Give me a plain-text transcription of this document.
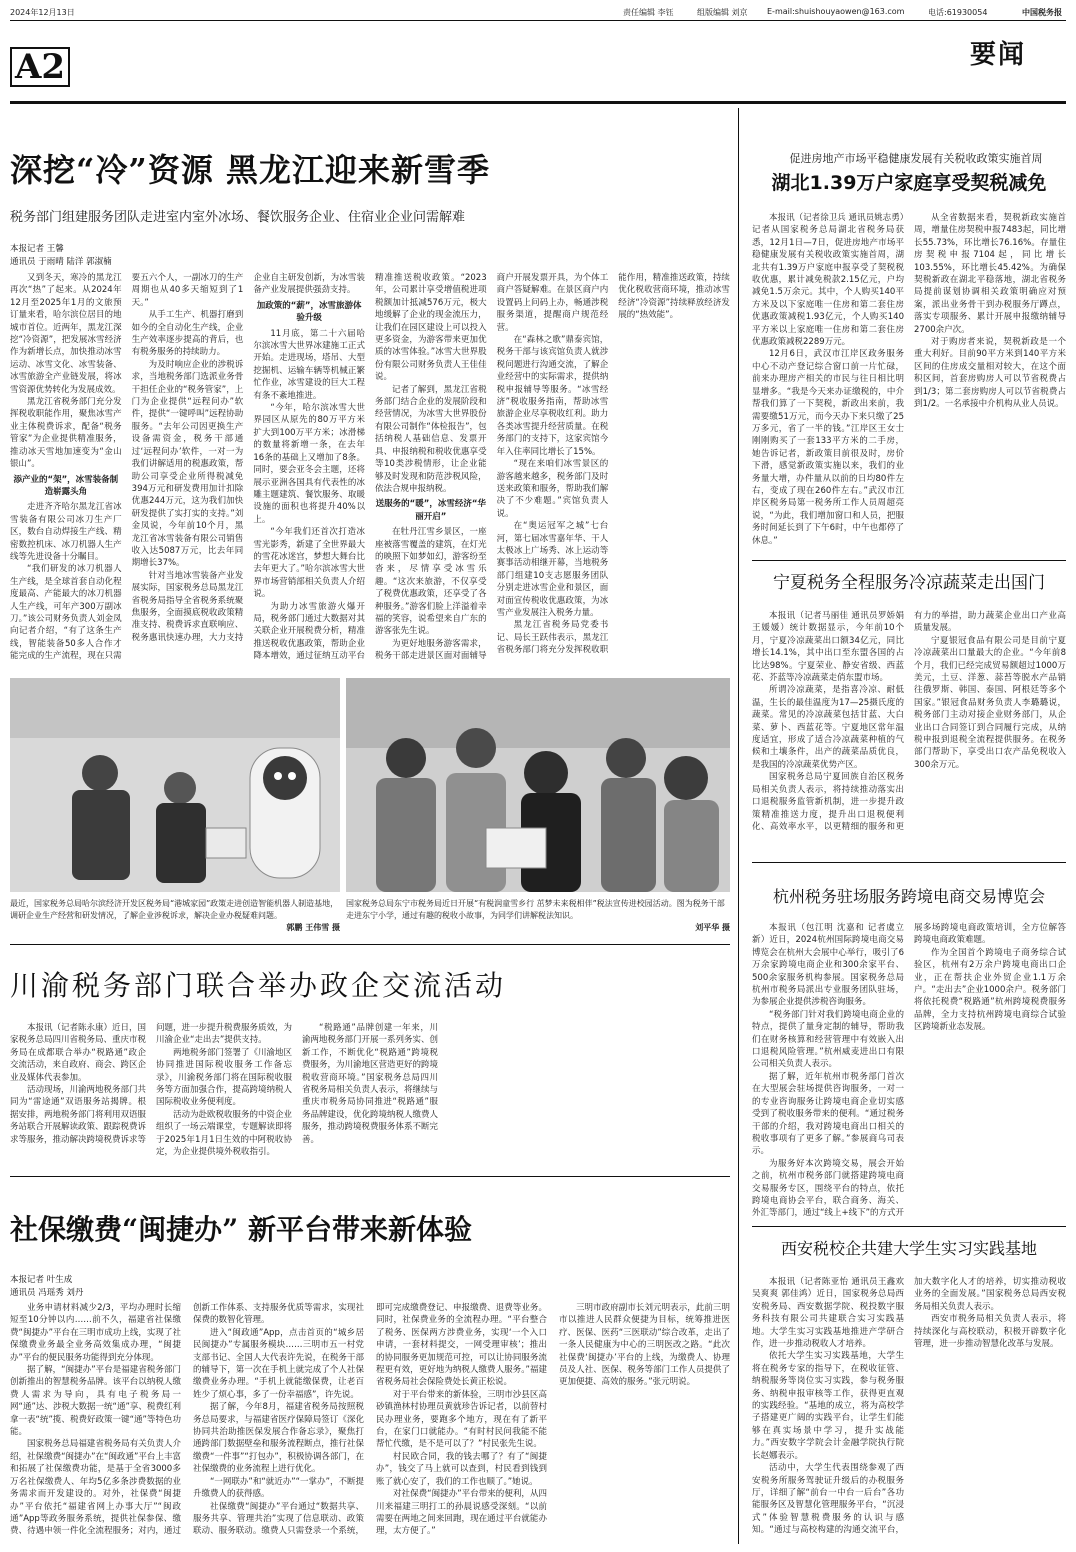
2024年12月13日	责任编辑 李钰	组版编辑 刘京 E-mail:shuishouyaowen@163.com	电话:61930054	中国税务报
A2	要闻
深挖“冷”资源 黑龙江迎来新雪季
税务部门组建服务团队走进室内室外冰场、餐饮服务企业、住宿业企业问需解难
本报记者 王馨
通讯员 于雨晴 陆洋 郭淑楠

又到冬天，寒冷的黑龙江再次“热”了起来。从2024年12月至2025年1月的文旅预订量来看，哈尔滨位居目的地城市首位。近两年，黑龙江深挖“冷资源”，把发展冰雪经济作为新增长点，加快推动冰雪运动、冰雪文化、冰雪装备、冰雪旅游全产业链发展，将冰雪资源优势转化为发展成效。

黑龙江省税务部门充分发挥税收职能作用，聚焦冰雪产业主体税费诉求，配备“税务管家”为企业提供精准服务，推动冰天雪地加速变为“金山银山”。

添产业的“架”，冰雪装备制造崭露头角

走进齐齐哈尔黑龙江省冰雪装备有限公司冰刀生产厂区，数台自动焊接生产线、精密数控机床、冰刀机器人生产线等先进设备十分瞩目。

“我们研发的冰刀机器人生产线，是全球首套自动化程度最高、产能最大的冰刀机器人生产线，可年产300万副冰刀。”该公司财务负责人刘金凤向记者介绍，“有了这条生产线，智能装备50多人合作才能完成的生产流程，现在只需要五六个人，一副冰刀的生产周期也从40多天缩短到了1天。”

从手工生产、机器打磨到如今的全自动化生产线，企业生产效率逐步提高的背后，也有税务服务的持续助力。

为及时响应企业的涉税诉求，当地税务部门选派业务骨干担任企业的“税务管家”，上门为企业提供“远程问办”软件，提供“一键呼叫”远程协助服务。“去年公司因更换生产设备需资金，税务干部通过‘远程问办’软件，一对一为我们讲解适用的税惠政策，帮助公司享受企业所得税减免394万元和研发费用加计扣除优惠244万元，这为我们加快研发提供了实打实的支持。”刘金凤说，今年前10个月，黑龙江省冰雪装备有限公司销售收入达5087万元，比去年同期增长37%。

针对当地冰雪装备产业发展实际，国家税务总局黑龙江省税务局指导全省税务系统聚焦服务，全面摸底税收政策精准支持、税费诉求直联响应、税务惠讯快速办理，大力支持企业自主研发创新，为冰雪装备产业发展提供强劲支持。

加政策的“薪”，冰雪旅游体验升级

11月底，第二十六届哈尔滨冰雪大世界冰建施工正式开始。走进现场，塔吊、大型挖掘机、运输车辆等机械正繁忙作业，冰雪建设的巨大工程有条不紊地推进。

“今年，哈尔滨冰雪大世界园区从原先的80万平方米扩大到100万平方米；冰滑梯的数量将新增一条，在去年16条的基础上又增加了8条。同时，要会亚冬会主题，还将展示亚洲各国具有代表性的冰雕主题建筑、餐饮服务、取暖设施的面积也将提升40%以上。

“今年我们还首次打造冰雪光影秀，新建了全世界最大的雪花冰迷宫，梦想大舞台比去年更大了。”哈尔滨冰雪大世界市场营销部相关负责人介绍说。

为助力冰雪旅游火爆开局，税务部门通过大数据对其关联企业开展税费分析，精准推送税收优惠政策，帮助企业降本增效，通过征纳互动平台精准推送税收政策。“2023年，公司累计享受增值税进项税额加计抵减576万元，极大地缓解了企业的现金流压力，让我们在园区建设上可以投入更多资金，为游客带来更加优质的冰雪体验。”冰雪大世界股份有限公司财务负责人王佳佳说。

记者了解到，黑龙江省税务部门结合企业的发展阶段和经营情况，为冰雪大世界股份有限公司制作“体检报告”，包括纳税人基础信息、发票开具、申报纳税和税收优惠享受等10类涉税情形，让企业能够及时发现和防范涉税风险，依法合规申报纳税。

送服务的“暖”，冰雪经济“华丽开启”

在牡丹江雪乡景区，一座座被落雪覆盖的建筑，在灯光的映照下如梦如幻，游客纷至沓来，尽情享受冰雪乐趣。“这次来旅游，不仅享受了税费优惠政策，还享受了各种服务。”游客们脸上洋溢着幸福的笑容，说希望来自广东的游客张先生说。

为更好地服务游客需求，税务干部走进景区面对面辅导商户开展发票开具，为个体工商户答疑解难。在景区商户内设置码上问码上办，畅通涉税服务渠道，提醒商户规范经营。

在“森林之歌”鼎泰宾馆，税务干部与该宾馆负责人就涉税问题进行沟通交流，了解企业经营中的实际需求，提供纳税申报辅导等服务。“冰雪经济”税收服务指南，帮助冰雪旅游企业尽享税收红利。助力各类冰雪提升经营质量。在税务部门的支持下，这家宾馆今年入住率同比增长了15%。

“现在来咱们冰雪景区的游客越来越多，税务部门及时送来政策和服务，帮助我们解决了不少难题。”宾馆负责人说。

在“奥运冠军之城”七台河，第七届冰雪嘉年华、干人太极冰上广场秀、冰上运动等赛事活动相继开幕，当地税务部门组建10支志愿服务团队分别走进冰雪企业和景区，面对面宣传税收优惠政策，为冰雪产业发展注入税务力量。

黑龙江省税务局党委书记、局长王跃伟表示，黑龙江省税务部门将充分发挥税收职能作用，精准推送政策，持续优化税收营商环境，推动冰雪经济“冷资源”持续释放经济发展的“热效能”。

最近，国家税务总局哈尔滨经济开发区税务局“港城家园”政策走进创造智能机器人制造基地，调研企业生产经营和研发情况，了解企业涉税诉求，解决企业办税疑难问题。
郭鹏 王伟雪 摄
国家税务总局东宁市税务局近日开展“有税润童雪乡行 茁梦未来税相伴”税法宣传进校园活动。图为税务干部走进东宁小学，通过有趣的税收小故事，为同学们讲解税法知识。
刘平华 摄
川渝税务部门联合举办政企交流活动

本报讯（记者陈永康）近日，国家税务总局四川省税务局、重庆市税务局在成都联合举办“税路通”政企交流活动，来自政府、商会、跨区企业及媒体代表参加。

活动现场，川渝两地税务部门共同为“雷途通”双语服务站揭牌。根据安排，两地税务部门将利用双语服务站联合开展解读政策、跟踪税费诉求等服务，推动解决跨境税费诉求等问题，进一步提升税费服务质效，为川渝企业“走出去”提供支持。

两地税务部门签署了《川渝地区协同推进国际税收服务工作备忘录》，川渝税务部门将在国际税收服务等方面加强合作，提高跨境纳税人国际税收业务便利度。

活动为赴欧税收服务的中资企业组织了一场云端课堂，专题解读即将于2025年1月1日生效的中阿税收协定，为企业提供境外税收指引。

“税路通”品牌创建一年来，川渝两地税务部门开展一系列务实、创新工作，不断优化“税路通”跨境税费服务，为川渝地区营造更好的跨境税收营商环境。”国家税务总局四川省税务局相关负责人表示，将继续与重庆市税务局协同推进“税路通”服务品牌建设，优化跨境纳税人缴费人服务，推动跨境税费服务体系不断完善。

社保缴费“闽捷办” 新平台带来新体验
本报记者 叶生成
通讯员 冯瑶秀 刘丹

业务申请材料减少2/3，平均办理时长缩短至10分钟以内……前不久，福建省社保缴费“闽捷办”平台在三明市成功上线，实现了社保缴费业务最全业务高效集成办理，“闽捷办”平台的便民服务功能得到充分体现。

据了解，“闽捷办”平台是福建省税务部门创新推出的智慧税务品牌。该平台以纳税人缴费人需求为导向，具有电子税务局一网“通”达、涉税大数据一统“通”享、税费红利拿一表“统”揽、税费好政策一键“通”等特色功能。

国家税务总局福建省税务局有关负责人介绍，社保缴费“闽捷办”在“闽政通”平台上丰富和拓展了社保缴费功能，是基于全省3000多万名社保缴费人、年均5亿多条涉费数据的业务需求而开发建设的。对外，社保费“闽捷办”平台依托“福建省网上办事大厅”“闽政通”App等政务服务系统，提供社保参保、缴费、待遇申领一件化全流程服务；对内，通过创新工作体系、支持服务优质等需求，实现社保费的数智化管理。

进入“闽政通”App，点击首页的“城乡居民闽捷办”专属服务模块……三明市五一村党支部书记、全国人大代表许先说，在税务干部的辅导下，第一次在手机上就完成了个人社保缴费业务办理。“手机上就能缴保费，让老百姓少了烦心事，多了一份幸福感”，许先说。

据了解，今年8月，福建省税务局按照税务总局要求，与福建省医疗保障局签订《深化协同共治助推医保发展合作备忘录》，聚焦打通跨部门数据壁垒和服务流程断点，推行社保缴费“一件事”“打包办”，积极协调各部门，在社保缴费的业务流程上进行优化。

“一网联办”和“就近办”“一掌办”，不断提升缴费人的获得感。

社保缴费“闽捷办”平台通过“数据共享、服务共享、管理共治”实现了信息联动、政策联动、服务联动。缴费人只需登录一个系统，即可完成缴费登记、申报缴费、退费等业务。同时，社保费业务的全流程办理。“平台整合了税务、医保两方涉费业务，实现‘一个入口申请，一套材料提交，一网受理审核’；推出的协同服务更加规范可控，可以让协同服务流程更有效，更好地为纳税人缴费人服务。”福建省税务局社会保险费处长黄正松说。

对于平台带来的新体验，三明市沙县区高砂镇渔林村协理员黄就珍告诉记者，以前替村民办理业务，要跑多个地方，现在有了新平台，在家门口就能办。“有时村民问我能不能帮忙代缴，是不是可以了？”村民张先生说。

村民欧合同，我的钱去哪了？有了“闽捷办”，钱交了马上就可以查到，村民看到钱到账了就心安了，我们的工作也顺了。”她说。

对社保费“闽捷办”平台带来的便利，从四川来福建三明打工的孙晨说感受深刻。“以前需要在两地之间来回跑，现在通过平台就能办理，太方便了。”

三明市政府副市长刘元明表示，此前三明市以推进人民群众便捷为目标，统筹推进医疗、医保、医药“三医联动”综合改革，走出了一条人民健康为中心的三明医改之路。“此次社保费‘闽捷办’平台的上线，为缴费人、协理员及人社、医保、税务等部门工作人员提供了更加便捷、高效的服务。”张元明说。

促进房地产市场平稳健康发展有关税收政策实施首周
湖北1.39万户家庭享受契税减免

本报讯（记者徐卫兵 通讯员姚志勇）记者从国家税务总局湖北省税务局获悉，12月1日—7日，促进房地产市场平稳健康发展有关税收政策实施首周，湖北共有1.39万户家庭申报享受了契税税收优惠，累计减免税款2.15亿元，户均减免1.5万余元。其中，个人购买140平方米及以下家庭唯一住房和第二套住房优惠政策减税1.93亿元，个人购买140平方米以上家庭唯一住房和第二套住房优惠政策减税2289万元。

12月6日，武汉市江岸区政务服务中心不动产登记综合窗口前一片忙碌，前来办理房产相关的市民与往日相比明显增多。“我是今天来办证缴税的，中介帮我们算了一下契税，新政出来前，我需要缴51万元，而今天办下来只缴了25万多元，省了一半的钱。”江岸区王女士刚刚购买了一套133平方米的二手房，她告诉记者，新政策目前很及时，房价下滑，感觉新政策实施以来，我们的业务量大增，办件量从以前的日均80件左右，变成了现在260件左右。”武汉市江岸区税务局第一税务所工作人员周超亮说，“为此，我们增加窗口和人员，把服务时间延长到了下午6时，中午也都停了休息。”

从全省数据来看，契税新政实施首周，增量住房契税申报7483起，同比增长55.73%，环比增长76.16%。存量住房契税申报7104起，同比增长103.55%，环比增长45.42%。为确保契税新政在湖北平稳落地，湖北省税务局提前谋划协调相关政策明确应对预案，派出业务骨干到办税服务厅蹲点，落实专项服务、累计开展申报缴纳辅导2700余户次。

对于购房者来说，契税新政是一个重大利好。目前90平方米到140平方米区间的住房成交量相对较大，在这个面积区间，首套房购房人可以节省税费占到1/3；第二套房购房人可以节省税费占到1/2。一名承接中介机构从业人员说。

宁夏税务全程服务冷凉蔬菜走出国门

本报讯（记者马丽佳 通讯员罗娇娟 王媛媛）统计数据显示，今年前10个月，宁夏冷凉蔬菜出口额34亿元，同比增长14.1%，其中出口至东盟各国的占比达98%。宁夏荣业、静安省级、西蓝花、芥蓝等冷凉蔬菜走俏东盟市场。

所谓冷凉蔬菜，是指喜冷凉、耐低温，生长的最佳温度为17—25摄氏度的蔬菜。常见的冷凉蔬菜包括甘蓝、大白菜、萝卜、西蓝花等。宁夏地区常年温度适宜，形成了适合冷凉蔬菜种植的气候和土壤条件，出产的蔬菜品质优良，是我国的冷凉蔬菜优势产区。

国家税务总局宁夏回族自治区税务局相关负责人表示，将持续推动落实出口退税服务监管新机制，进一步提升政策精准推送力度，提升出口退税便利化、高效率水平，以更精细的服务和更有力的举措，助力蔬菜企业出口产业高质量发展。

宁夏银冠食品有限公司是目前宁夏冷凉蔬菜出口量最大的企业。“今年前8个月，我们已经完成贸易额超过1000万美元，土豆、洋葱、蒜苔等脱水产品销往俄罗斯、韩国、泰国、阿根廷等多个国家。”银冠食品财务负责人李璐璐说，税务部门主动对接企业财务部门，从企业出口合同签订到合同履行完成，从纳税申报到退税全流程提供服务。在税务部门帮助下，享受出口农产品免税收入300余万元。

杭州税务驻场服务跨境电商交易博览会

本报讯（包江明 沈嘉和 记者虞立新）近日，2024杭州国际跨境电商交易博览会在杭州大会展中心举行，吸引了6万余家跨境电商企业和300余家平台、500余家服务机构参展。国家税务总局杭州市税务局派出专业服务团队驻场，为参展企业提供涉税咨询服务。

“税务部门针对我们跨境电商企业的特点，提供了量身定制的辅导，帮助我们在财务核算和经营管理中有效嵌入出口退税风险管理。”杭州威麦进出口有限公司相关负责人表示。

据了解，近年杭州市税务部门首次在大型展会驻场提供咨询服务，一对一的专业咨询服务让跨境电商企业切实感受到了税收服务带来的便利。“通过税务干部的介绍，我对跨境电商出口相关的税收事项有了更多了解。”参展商乌司表示。

为服务好本次跨境交易，展会开始之前，杭州市税务部门就搭建跨境电商交易服务专区，围绕平台的特点，依托跨境电商协会平台，联合商务、海关、外汇等部门，通过“线上+线下”的方式开展多场跨境电商政策培训，全方位解答跨境电商政策难题。

作为全国首个跨境电子商务综合试验区，杭州有2万余户跨境电商出口企业，正在帮扶企业外贸企业1.1万余户。“走出去”企业1000余户。税务部门将依托税费“税路通”杭州跨境税费服务品牌，全力支持杭州跨境电商综合试验区跨境新业态发展。

西安税校企共建大学生实习实践基地

本报讯（记者陈亚怡 通讯员王鑫欢 吴爽爽 郭佳鸿）近日，国家税务总局西安税务局、西安数据学院、税投数字服务科技有限公司共建联合实习实践基地。大学生实习实践基地推进产学研合作，进一步推动税收人才培养。

依托大学生实习实践基地，大学生将在税务专家的指导下，在税收征管、纳税服务等岗位实习实践，参与税务服务、纳税申报审核等工作，获得更直观的实践经验。“基地的成立，将为高校学子搭建更广阔的实践平台，让学生们能够在真实场景中学习，提升实战能力。”西安数字学院会计金融学院执行院长赵娜表示。

活动中，大学生代表围绕参观了西安税务所服务驾驶证升级后的办税服务厅，详细了解“前台一中台一后台”各功能服务区及智慧化管理服务平台，“沉浸式”体验智慧税费服务的认识与感知。“通过与高校构建的沟通交流平台，加大数字化人才的培养，切实推动税收业务的全面发展。”国家税务总局西安税务局相关负责人表示。

西安市税务局相关负责人表示，将持续深化与高校联动，积极开辟数字化管理，进一步推动智慧化改革与发展。
